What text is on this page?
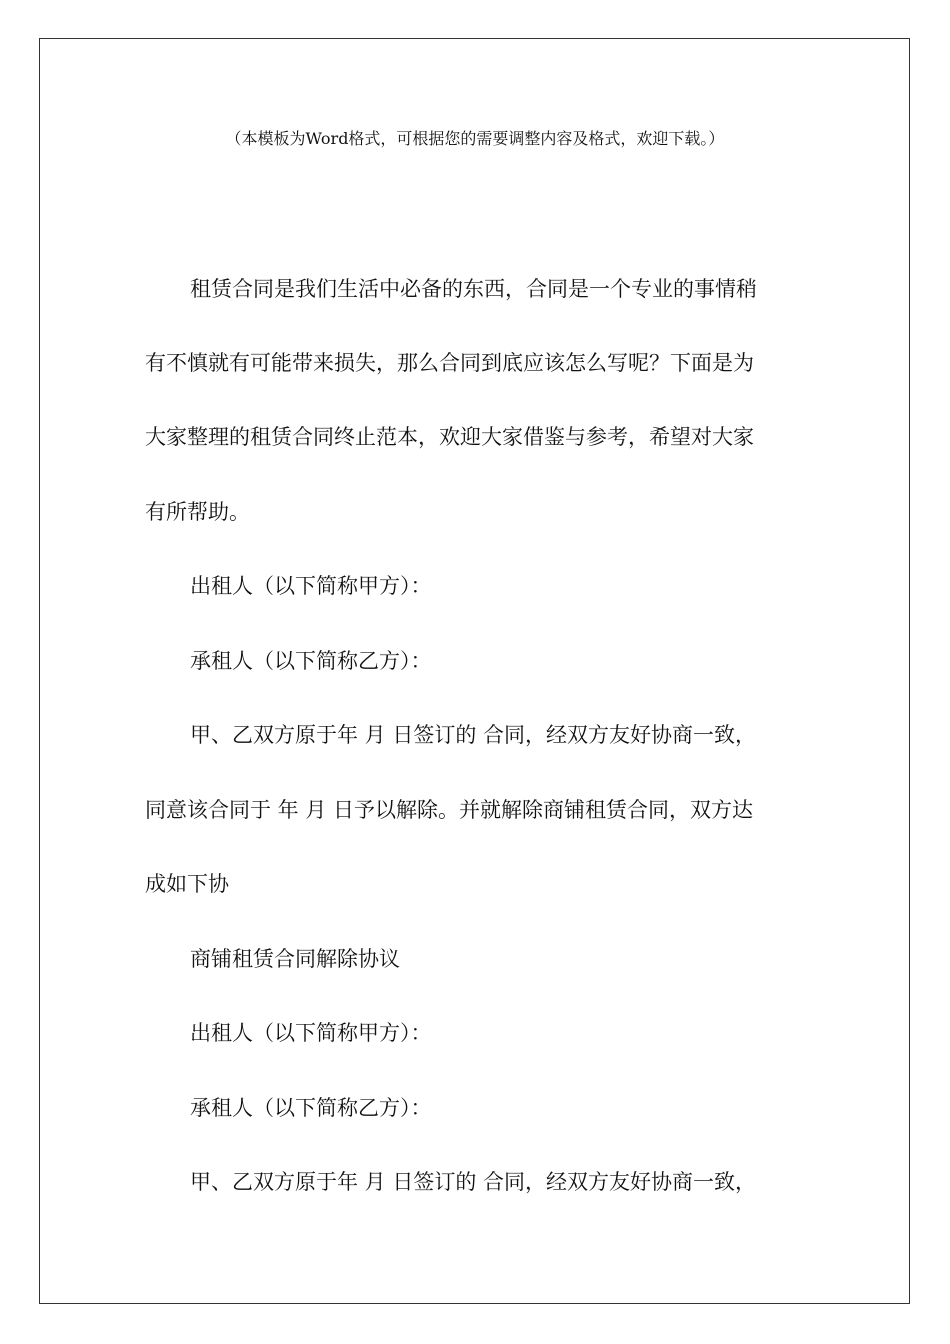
（本模板为Word格式，可根据您的需要调整内容及格式，欢迎下载。）
租赁合同是我们生活中必备的东西，合同是一个专业的事情稍
有不慎就有可能带来损失，那么合同到底应该怎么写呢？下面是为
大家整理的租赁合同终止范本，欢迎大家借鉴与参考，希望对大家
有所帮助。
出租人（以下简称甲方）：
承租人（以下简称乙方）：
甲、乙双方原于年 月 日签订的 合同，经双方友好协商一致，
同意该合同于 年 月 日予以解除。并就解除商铺租赁合同，双方达
成如下协
商铺租赁合同解除协议
出租人（以下简称甲方）：
承租人（以下简称乙方）：
甲、乙双方原于年 月 日签订的 合同，经双方友好协商一致，
